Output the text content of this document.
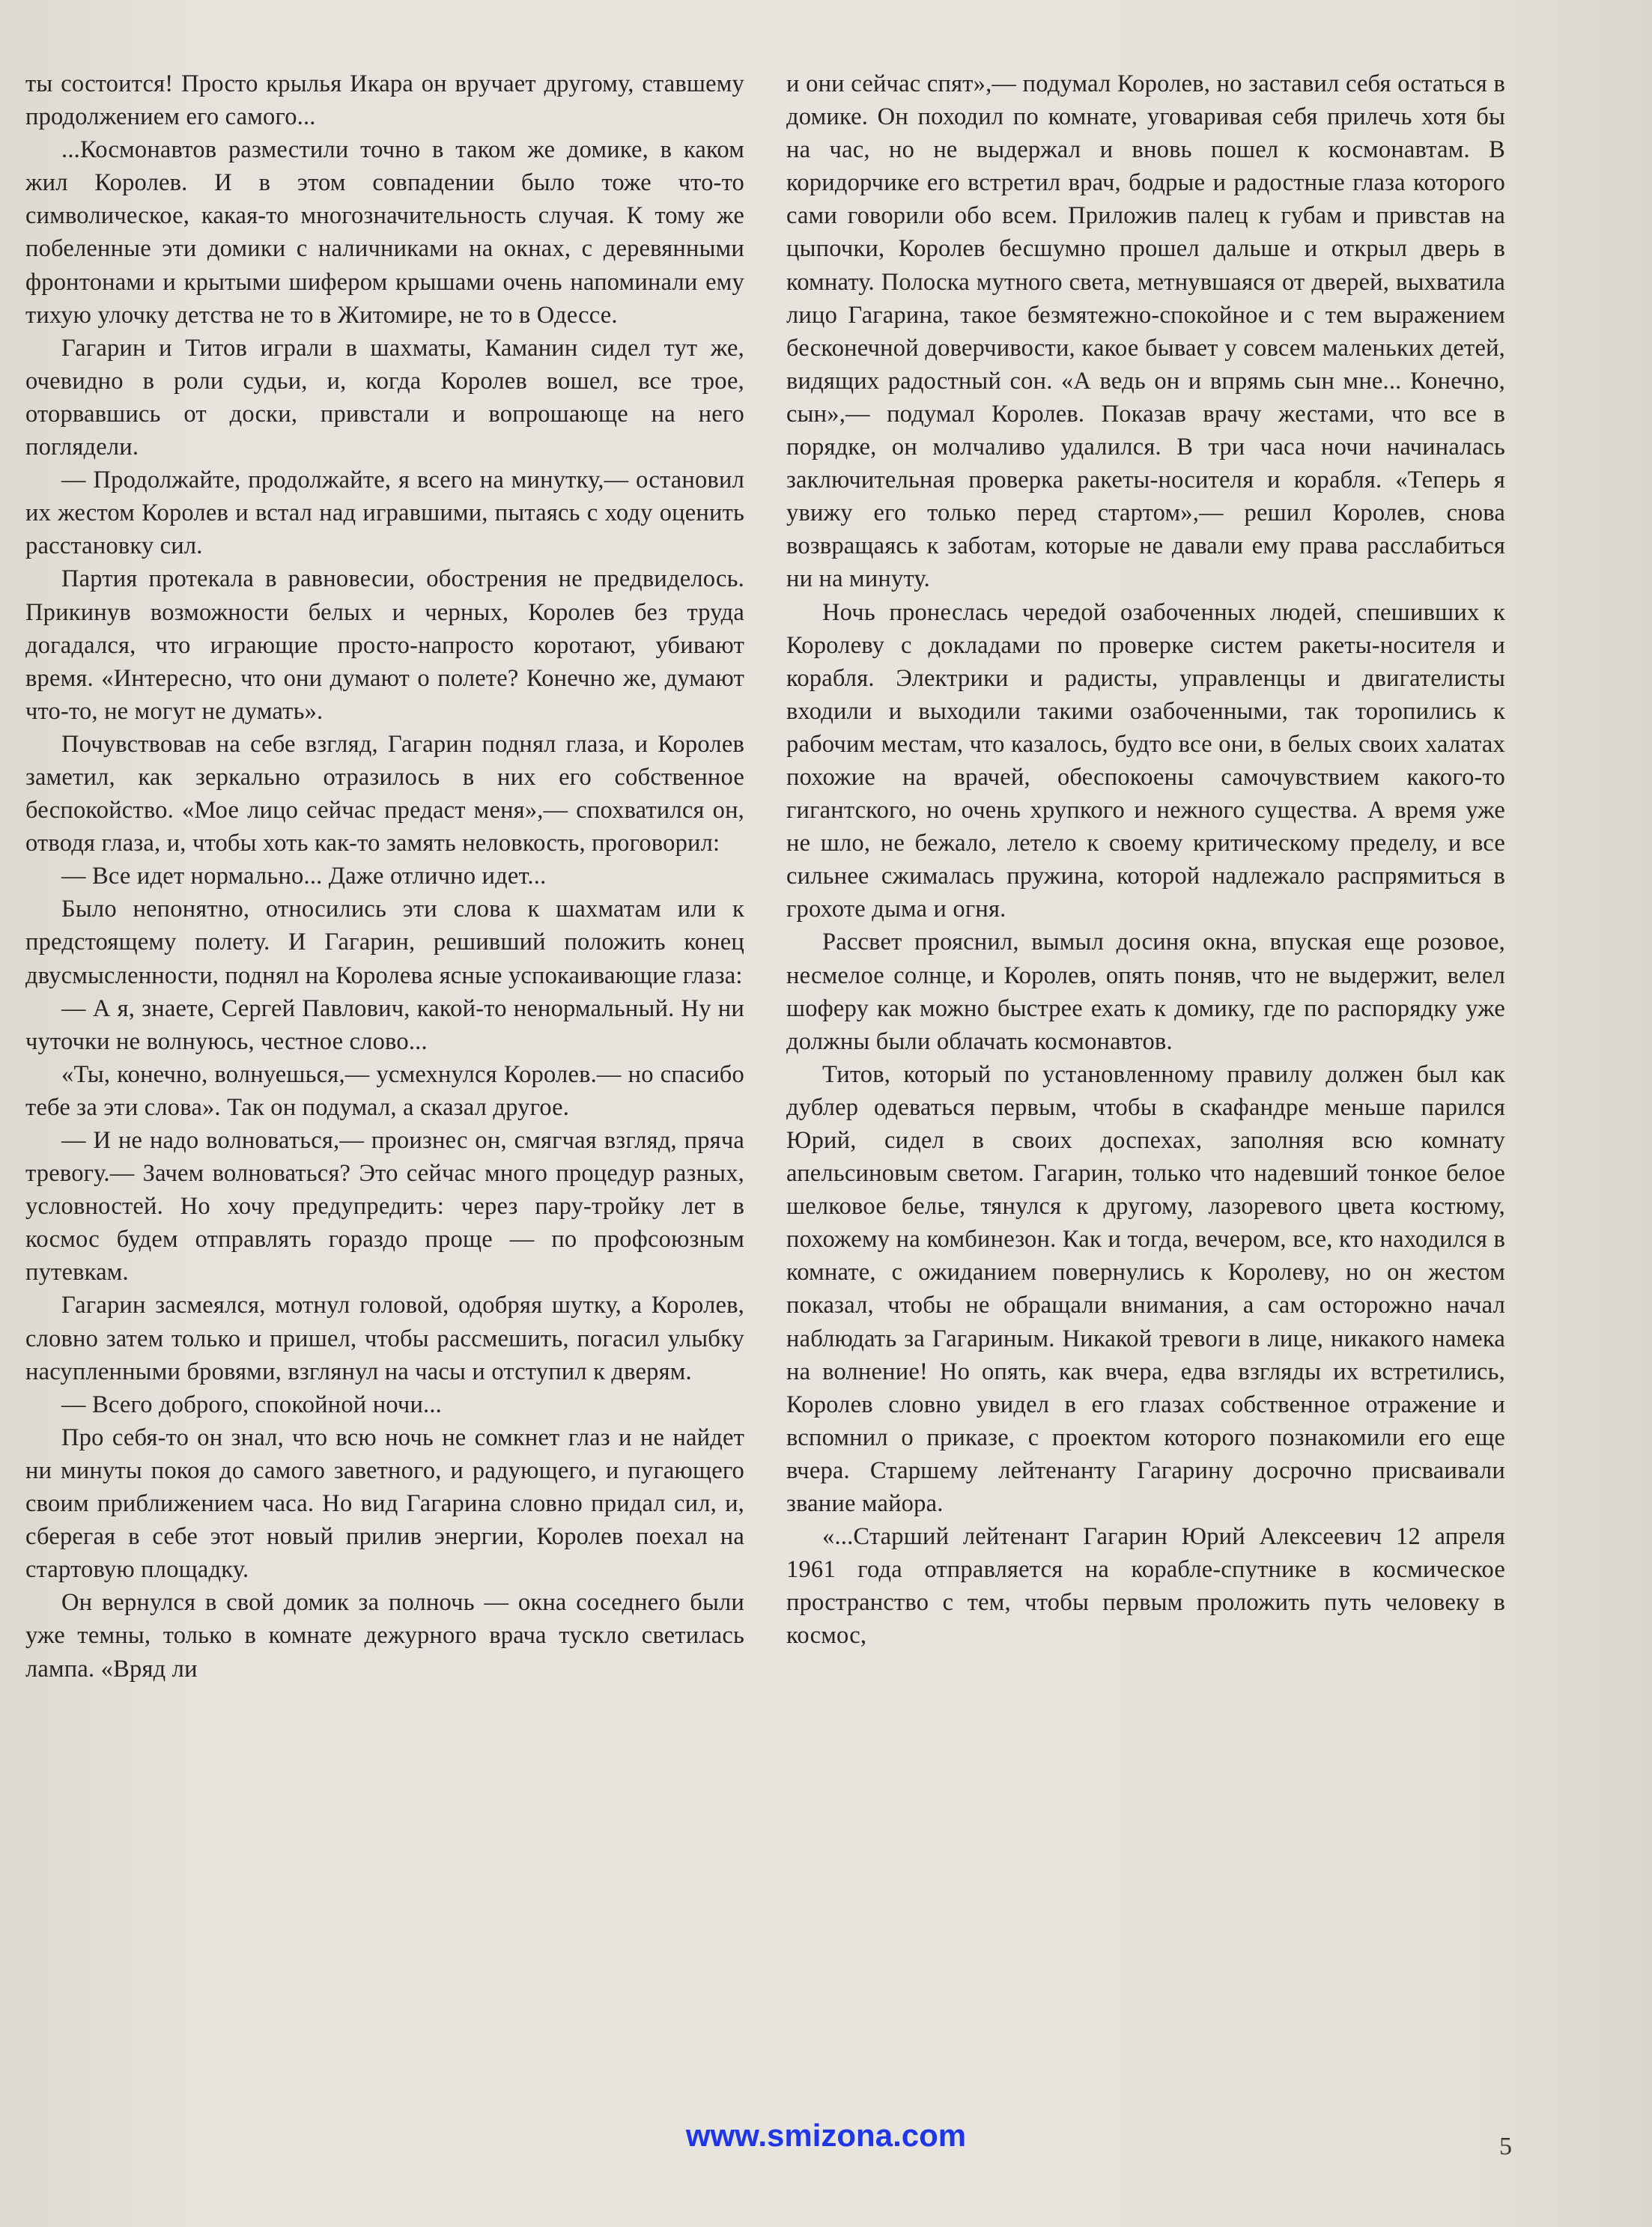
ты состоится! Просто крылья Икара он вручает другому, ставшему продолжением его самого...

...Космонавтов разместили точно в таком же домике, в каком жил Королев. И в этом совпадении было тоже что-то символическое, какая-то многозначительность случая. К тому же побеленные эти домики с наличниками на окнах, с деревянными фронтонами и крытыми шифером крышами очень напоминали ему тихую улочку детства не то в Житомире, не то в Одессе.

Гагарин и Титов играли в шахматы, Каманин сидел тут же, очевидно в роли судьи, и, когда Королев вошел, все трое, оторвавшись от доски, привстали и вопрошающе на него поглядели.

— Продолжайте, продолжайте, я всего на минутку,— остановил их жестом Королев и встал над игравшими, пытаясь с ходу оценить расстановку сил.

Партия протекала в равновесии, обострения не предвиделось. Прикинув возможности белых и черных, Королев без труда догадался, что играющие просто-напросто коротают, убивают время. «Интересно, что они думают о полете? Конечно же, думают что-то, не могут не думать».

Почувствовав на себе взгляд, Гагарин поднял глаза, и Королев заметил, как зеркально отразилось в них его собственное беспокойство. «Мое лицо сейчас предаст меня»,— спохватился он, отводя глаза, и, чтобы хоть как-то замять неловкость, проговорил:

— Все идет нормально... Даже отлично идет...

Было непонятно, относились эти слова к шахматам или к предстоящему полету. И Гагарин, решивший положить конец двусмысленности, поднял на Королева ясные успокаивающие глаза:

— А я, знаете, Сергей Павлович, какой-то ненормальный. Ну ни чуточки не волнуюсь, честное слово...

«Ты, конечно, волнуешься,— усмехнулся Королев.— но спасибо тебе за эти слова». Так он подумал, а сказал другое.

— И не надо волноваться,— произнес он, смягчая взгляд, пряча тревогу.— Зачем волноваться? Это сейчас много процедур разных, условностей. Но хочу предупредить: через пару-тройку лет в космос будем отправлять гораздо проще — по профсоюзным путевкам.

Гагарин засмеялся, мотнул головой, одобряя шутку, а Королев, словно затем только и пришел, чтобы рассмешить, погасил улыбку насупленными бровями, взглянул на часы и отступил к дверям.

— Всего доброго, спокойной ночи...

Про себя-то он знал, что всю ночь не сомкнет глаз и не найдет ни минуты покоя до самого заветного, и радующего, и пугающего своим приближением часа. Но вид Гагарина словно придал сил, и, сберегая в себе этот новый прилив энергии, Королев поехал на стартовую площадку.

Он вернулся в свой домик за полночь — окна соседнего были уже темны, только в комнате дежурного врача тускло светилась лампа. «Вряд ли

и они сейчас спят»,— подумал Королев, но заставил себя остаться в домике. Он походил по комнате, уговаривая себя прилечь хотя бы на час, но не выдержал и вновь пошел к космонавтам. В коридорчике его встретил врач, бодрые и радостные глаза которого сами говорили обо всем. Приложив палец к губам и привстав на цыпочки, Королев бесшумно прошел дальше и открыл дверь в комнату. Полоска мутного света, метнувшаяся от дверей, выхватила лицо Гагарина, такое безмятежно-спокойное и с тем выражением бесконечной доверчивости, какое бывает у совсем маленьких детей, видящих радостный сон. «А ведь он и впрямь сын мне... Конечно, сын»,— подумал Королев. Показав врачу жестами, что все в порядке, он молчаливо удалился. В три часа ночи начиналась заключительная проверка ракеты-носителя и корабля. «Теперь я увижу его только перед стартом»,— решил Королев, снова возвращаясь к заботам, которые не давали ему права расслабиться ни на минуту.

Ночь пронеслась чередой озабоченных людей, спешивших к Королеву с докладами по проверке систем ракеты-носителя и корабля. Электрики и радисты, управленцы и двигателисты входили и выходили такими озабоченными, так торопились к рабочим местам, что казалось, будто все они, в белых своих халатах похожие на врачей, обеспокоены самочувствием какого-то гигантского, но очень хрупкого и нежного существа. А время уже не шло, не бежало, летело к своему критическому пределу, и все сильнее сжималась пружина, которой надлежало распрямиться в грохоте дыма и огня.

Рассвет прояснил, вымыл досиня окна, впуская еще розовое, несмелое солнце, и Королев, опять поняв, что не выдержит, велел шоферу как можно быстрее ехать к домику, где по распорядку уже должны были облачать космонавтов.

Титов, который по установленному правилу должен был как дублер одеваться первым, чтобы в скафандре меньше парился Юрий, сидел в своих доспехах, заполняя всю комнату апельсиновым светом. Гагарин, только что надевший тонкое белое шелковое белье, тянулся к другому, лазоревого цвета костюму, похожему на комбинезон. Как и тогда, вечером, все, кто находился в комнате, с ожиданием повернулись к Королеву, но он жестом показал, чтобы не обращали внимания, а сам осторожно начал наблюдать за Гагариным. Никакой тревоги в лице, никакого намека на волнение! Но опять, как вчера, едва взгляды их встретились, Королев словно увидел в его глазах собственное отражение и вспомнил о приказе, с проектом которого познакомили его еще вчера. Старшему лейтенанту Гагарину досрочно присваивали звание майора.

«...Старший лейтенант Гагарин Юрий Алексеевич 12 апреля 1961 года отправляется на корабле-спутнике в космическое пространство с тем, чтобы первым проложить путь человеку в космос,

www.smizona.com	5
